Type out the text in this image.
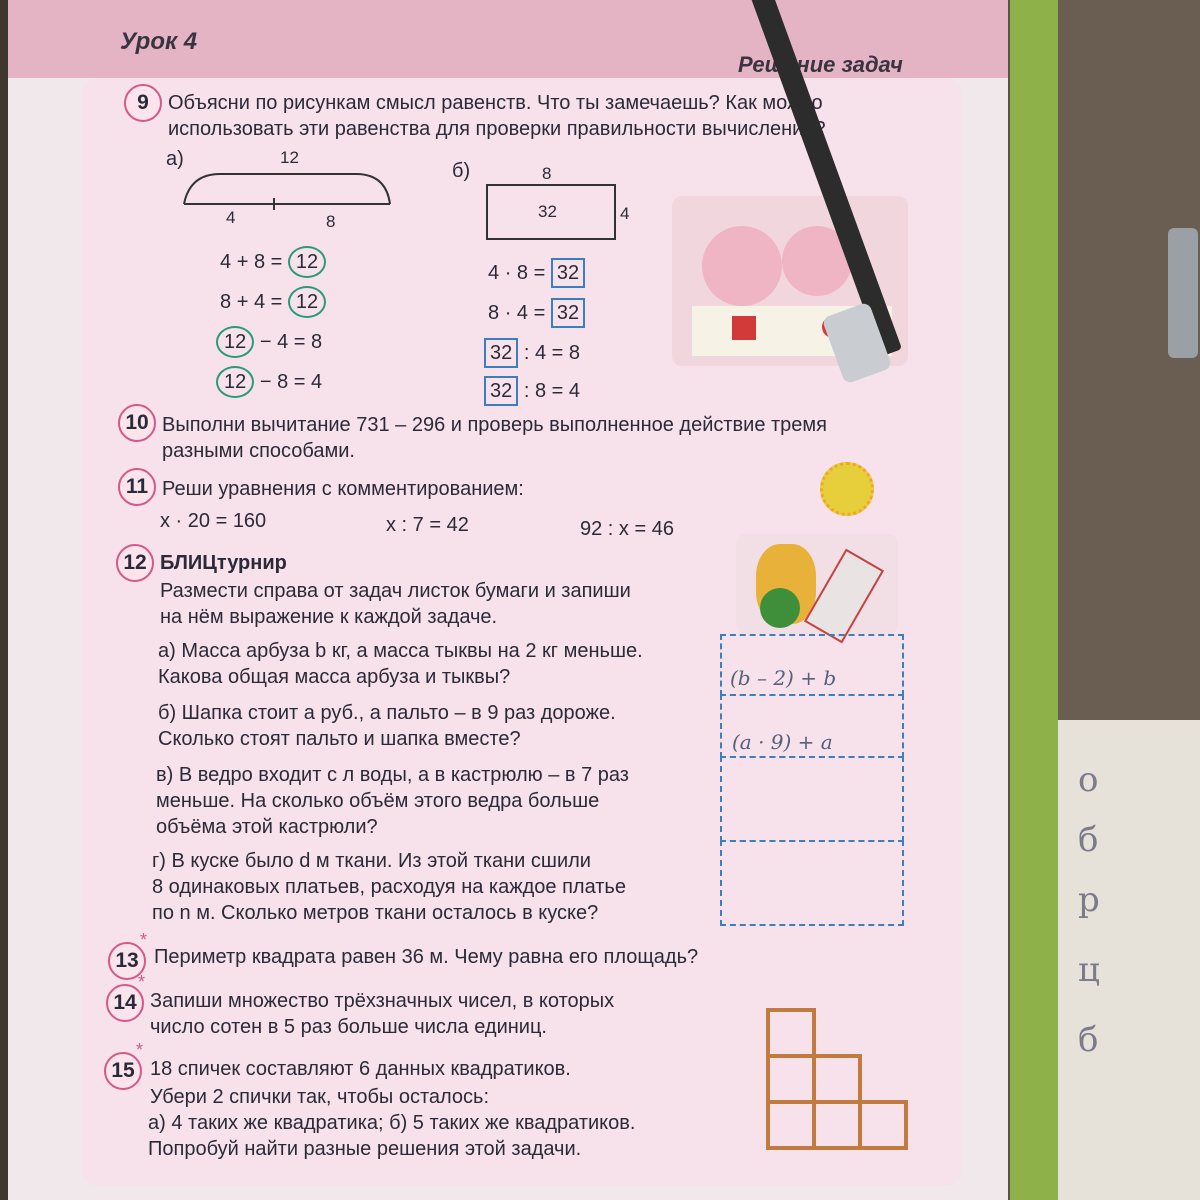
о
б
р
ц
б
Урок 4
Решение задач
9 Объясни по рисункам смысл равенств. Что ты замечаешь? Как можно
использовать эти равенства для проверки правильности вычислений?
а)	12
4	8
б)	8
32	4
4 + 8 = 12
8 + 4 = 12
12 − 4 = 8
12 − 8 = 4
4 · 8 = 32
8 · 4 = 32
32 : 4 = 8
32 : 8 = 4
10 Выполни вычитание 731 – 296 и проверь выполненное действие тремя
разными способами.
11 Реши уравнения с комментированием:
x · 20 = 160	x : 7 = 42	92 : x = 46
12 БЛИЦтурнир
Размести справа от задач листок бумаги и запиши
на нём выражение к каждой задаче.
а) Масса арбуза b кг, а масса тыквы на 2 кг меньше.
Какова общая масса арбуза и тыквы?
б) Шапка стоит a руб., а пальто – в 9 раз дороже.
Сколько стоят пальто и шапка вместе?
в) В ведро входит c л воды, а в кастрюлю – в 7 раз
меньше. На сколько объём этого ведра больше
объёма этой кастрюли?
г) В куске было d м ткани. Из этой ткани сшили
8 одинаковых платьев, расходуя на каждое платье
по n м. Сколько метров ткани осталось в куске?
(b – 2) + b
(a · 9) + a
13
*
Периметр квадрата равен 36 м. Чему равна его площадь?
14
*
Запиши множество трёхзначных чисел, в которых
число сотен в 5 раз больше числа единиц.
15
*
18 спичек составляют 6 данных квадратиков.
Убери 2 спички так, чтобы осталось:
а) 4 таких же квадратика; б) 5 таких же квадратиков.
Попробуй найти разные решения этой задачи.
